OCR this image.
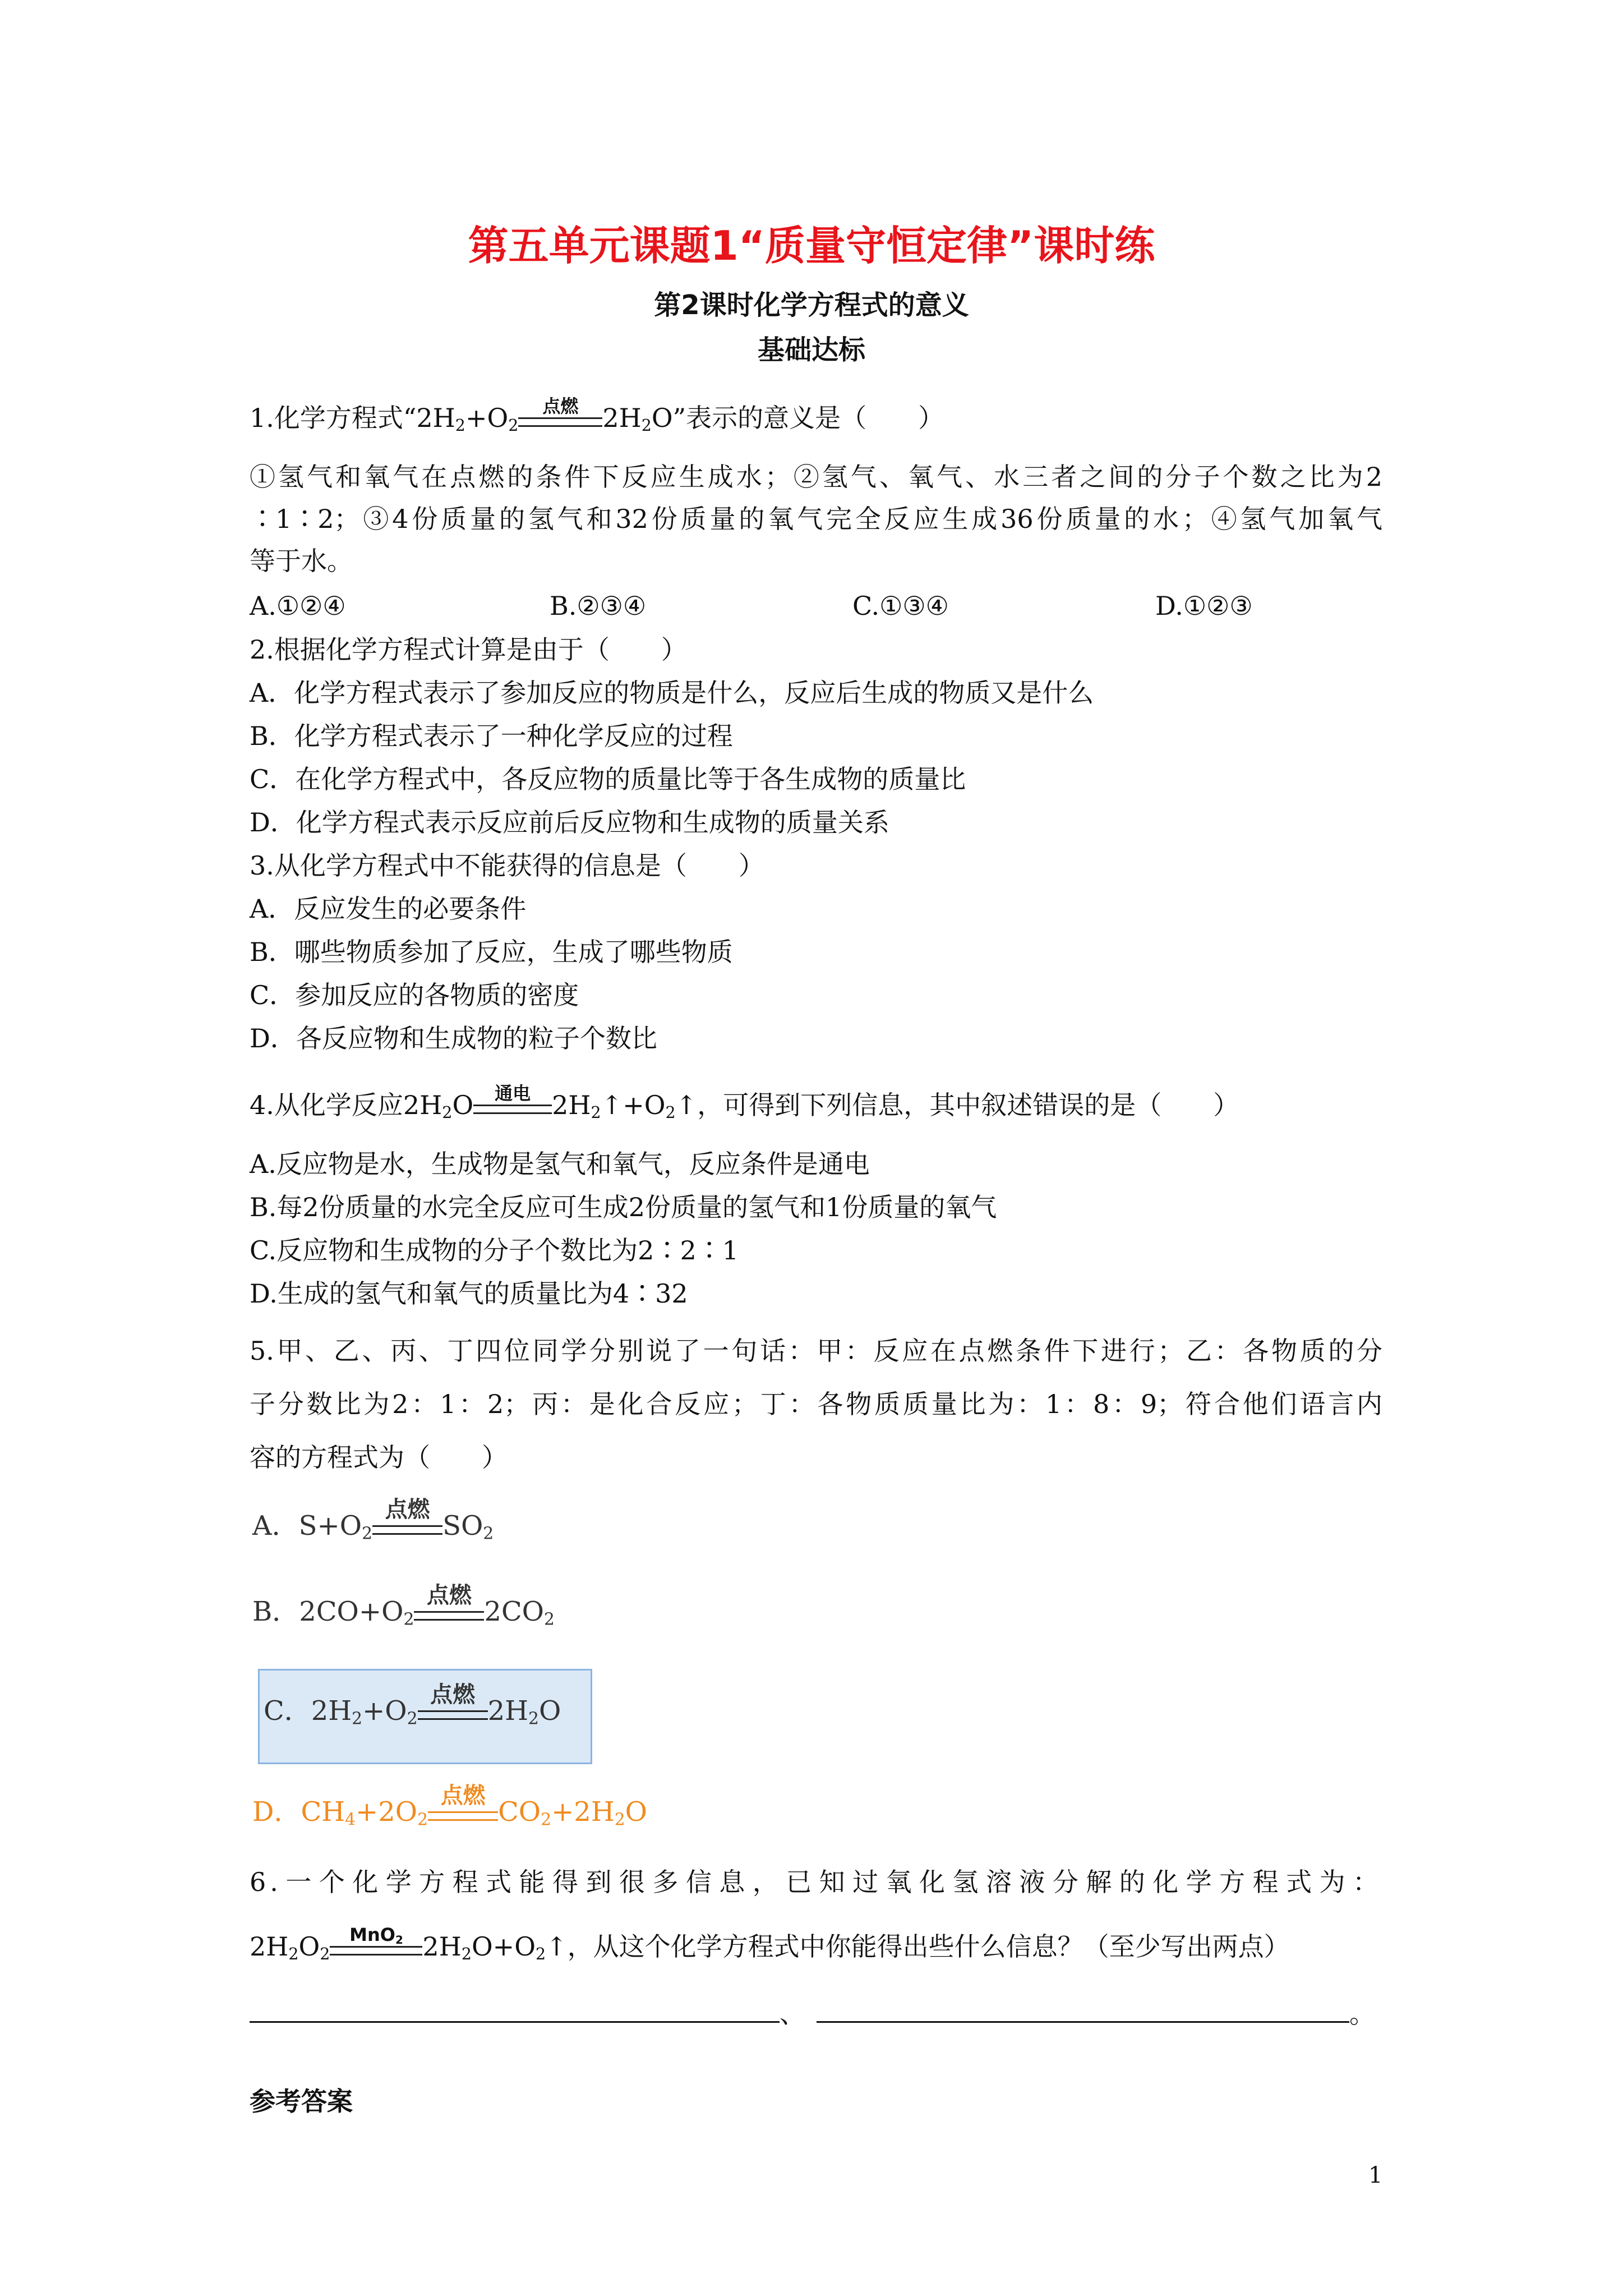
第五单元课题1“质量守恒定律”课时练
第2课时化学方程式的意义
基础达标
1.化学方程式“$2H_2+O_2$
点燃 $2H_2O$”表示的意义是（　　）
①氢气和氧气在点燃的条件下反应生成水；②氢气、氧气、水三者之间的分子个数之比为2
∶1∶2；③4份质量的氢气和32份质量的氧气完全反应生成36份质量的水；④氢气加氧气
等于水。
A.①②④	B.②③④	C.①③④	D.①②③
2.根据化学方程式计算是由于（　　）
A．化学方程式表示了参加反应的物质是什么，反应后生成的物质又是什么
B．化学方程式表示了一种化学反应的过程
C．在化学方程式中，各反应物的质量比等于各生成物的质量比
D．化学方程式表示反应前后反应物和生成物的质量关系
3.从化学方程式中不能获得的信息是（　　）
A．反应发生的必要条件
B．哪些物质参加了反应，生成了哪些物质
C．参加反应的各物质的密度
D．各反应物和生成物的粒子个数比
4.从化学反应$2H_2O$	通电 $2H_2↑+O_2↑$，可得到下列信息，其中叙述错误的是（　　）
A.反应物是水，生成物是氢气和氧气，反应条件是通电
B.每2份质量的水完全反应可生成2份质量的氢气和1份质量的氧气
C.反应物和生成物的分子个数比为2∶2∶1
D.生成的氢气和氧气的质量比为4∶32
5.甲、乙、丙、丁四位同学分别说了一句话：甲：反应在点燃条件下进行；乙：各物质的分
子分数比为2：1：2；丙：是化合反应；丁：各物质质量比为：1：8：9；符合他们语言内
容的方程式为（　　）
A．$S+O_2$
点燃
$SO_2$
B．$2CO+O_2$
点燃
$2CO_2$
C．$2H_2+O_2$
点燃
$2H_2O$
D．$CH_4+2O_2$
点燃
$CO_2+2H_2O$
6.一个化学方程式能得到很多信息，已知过氧化氢溶液分解的化学方程式为：
$2H_2O_2$
MnO$_2$ $2H_2O+O_2↑$，从这个化学方程式中你能得出些什么信息？（至少写出两点）
、	。
参考答案
1
